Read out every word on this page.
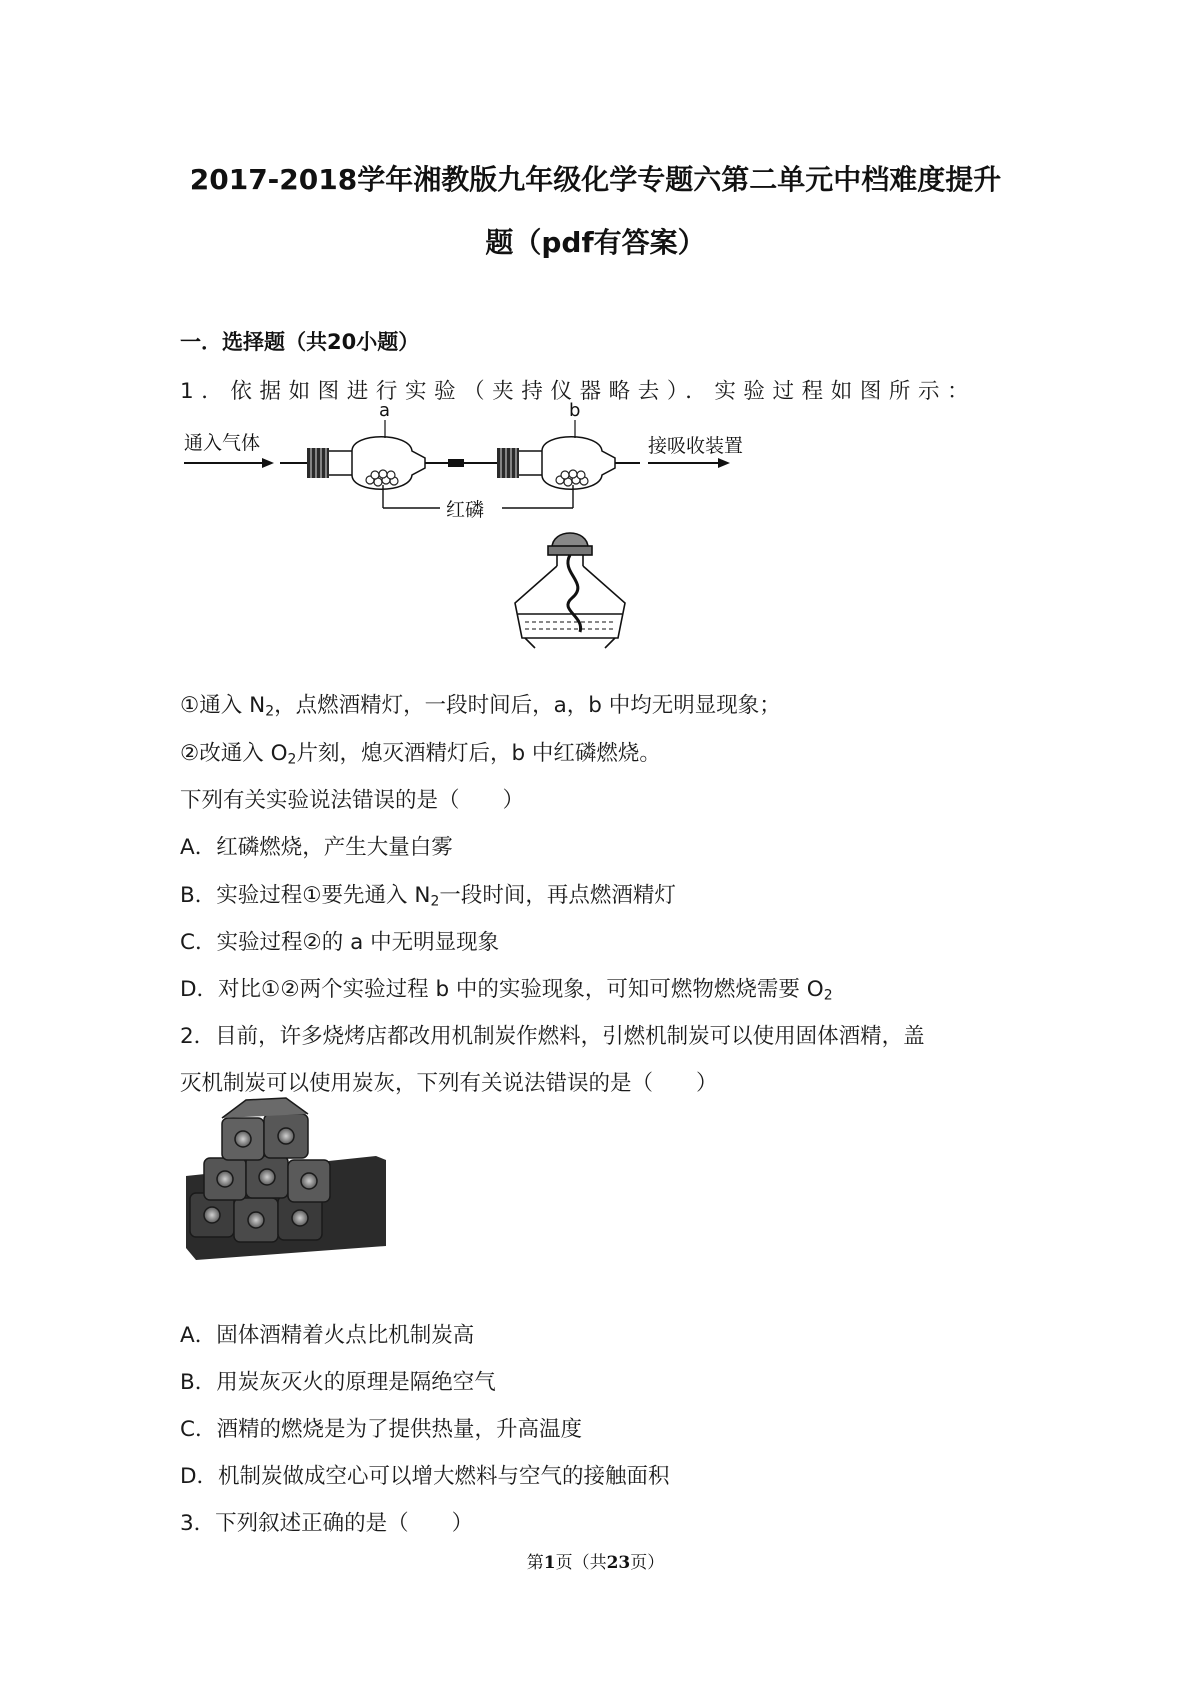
2017-2018学年湘教版九年级化学专题六第二单元中档难度提升
题（pdf有答案）
一．选择题（共20小题）
1．依据如图进行实验（夹持仪器略去）．实验过程如图所示：
通入气体
a	b
接吸收装置
红磷
①通入 $N_2$，点燃酒精灯，一段时间后，a，b 中均无明显现象；
②改通入 $O_2$片刻，熄灭酒精灯后，b 中红磷燃烧。
下列有关实验说法错误的是（　　）
A．红磷燃烧，产生大量白雾
B．实验过程①要先通入 $N_2$一段时间，再点燃酒精灯
C．实验过程②的 a 中无明显现象
D．对比①②两个实验过程 b 中的实验现象，可知可燃物燃烧需要 $O_2$
2．目前，许多烧烤店都改用机制炭作燃料，引燃机制炭可以使用固体酒精，盖
灭机制炭可以使用炭灰，下列有关说法错误的是（　　）
A．固体酒精着火点比机制炭高
B．用炭灰灭火的原理是隔绝空气
C．酒精的燃烧是为了提供热量，升高温度
D．机制炭做成空心可以增大燃料与空气的接触面积
3．下列叙述正确的是（　　）
第1页（共23页）
